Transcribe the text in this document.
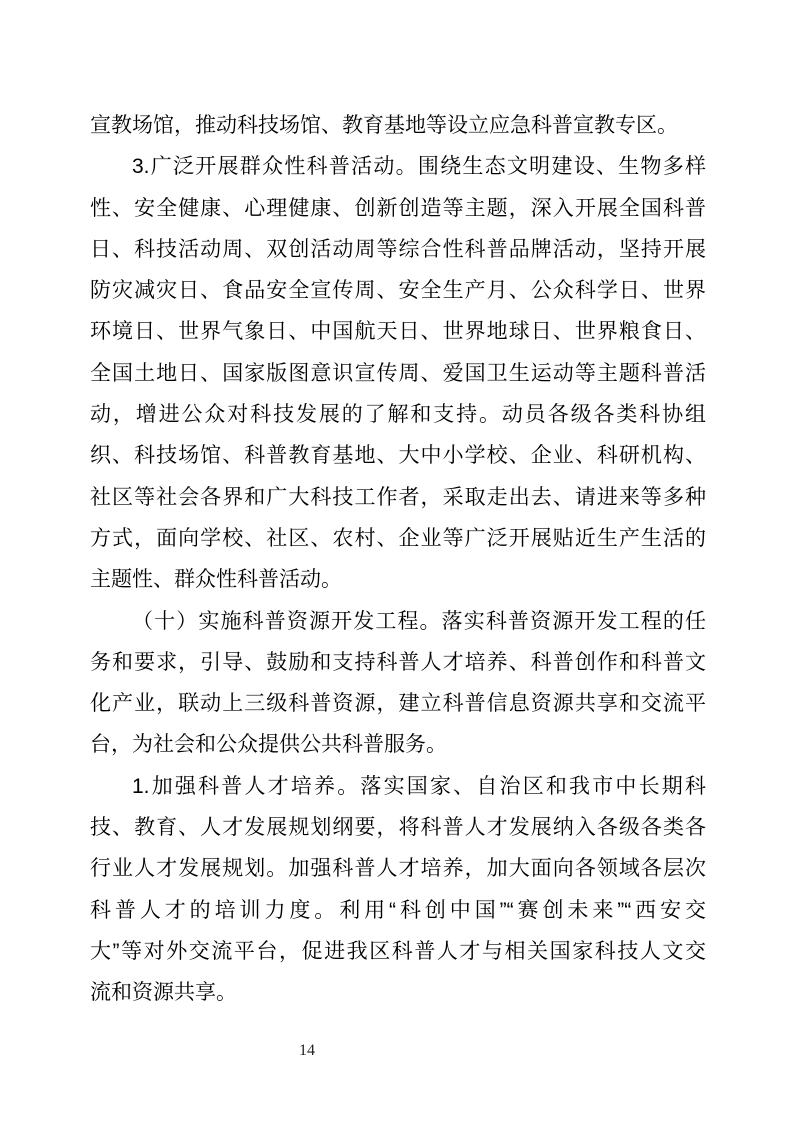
宣教场馆，推动科技场馆、教育基地等设立应急科普宣教专区。
3.广泛开展群众性科普活动。围绕生态文明建设、生物多样
性、安全健康、心理健康、创新创造等主题，深入开展全国科普
日、科技活动周、双创活动周等综合性科普品牌活动，坚持开展
防灾减灾日、食品安全宣传周、安全生产月、公众科学日、世界
环境日、世界气象日、中国航天日、世界地球日、世界粮食日、
全国土地日、国家版图意识宣传周、爱国卫生运动等主题科普活
动，增进公众对科技发展的了解和支持。动员各级各类科协组
织、科技场馆、科普教育基地、大中小学校、企业、科研机构、
社区等社会各界和广大科技工作者，采取走出去、请进来等多种
方式，面向学校、社区、农村、企业等广泛开展贴近生产生活的
主题性、群众性科普活动。
（十）实施科普资源开发工程。落实科普资源开发工程的任
务和要求，引导、鼓励和支持科普人才培养、科普创作和科普文
化产业，联动上三级科普资源，建立科普信息资源共享和交流平
台，为社会和公众提供公共科普服务。
1.加强科普人才培养。落实国家、自治区和我市中长期科
技、教育、人才发展规划纲要，将科普人才发展纳入各级各类各
行业人才发展规划。加强科普人才培养，加大面向各领域各层次
科普人才的培训力度。利用“科创中国”“赛创未来”“西安交
大”等对外交流平台，促进我区科普人才与相关国家科技人文交
流和资源共享。
14
